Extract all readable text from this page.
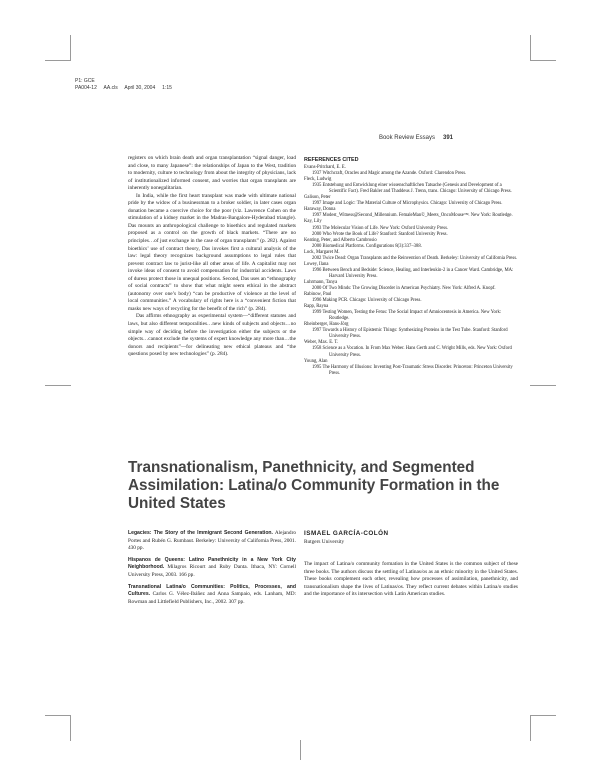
P1: GCE
PA004-12     AA.cls     April 30, 2004     1:15
Book Review Essays 391

registers on which brain death and organ transplantation “signal danger, load and close, to many Japanese”: the relationships of Japan to the West, tradition to modernity, culture to technology from about the integrity of physicians, lack of institutionalized informed consent, and worries that organ transplants are inherently nonegalitarian.

In India, while the first heart transplant was made with ultimate national pride by the widow of a businessman to a broker soldier, in later cases organ donation became a coercive choice for the poor (viz. Lawrence Cohen on the stimulation of a kidney market in the Madras-Bangalore-Hyderabad triangle). Das mounts an anthropological challenge to bioethics and regulated markets proposed as a control on the growth of black markets. “There are no principles…of just exchange in the case of organ transplants” (p. 282). Against bioethics’ use of contract theory, Das invokes first a cultural analysis of the law: legal theory recognizes background assumptions to legal rules that prevent contract law to jurist-like all other areas of life. A capitalist may not invoke ideas of consent to avoid compensation for industrial accidents. Laws of duress protect those in unequal positions. Second, Das uses an “ethnography of social contracts” to show that what might seem ethical in the abstract (autonomy over one’s body) “can be productive of violence at the level of local communities.” A vocabulary of rights here is a “convenient fiction that masks new ways of recycling for the benefit of the rich” (p. 284).

Das affirms ethnography as experimental system—“different statutes and laws, but also different temporalities…new kinds of subjects and objects…no simple way of deciding before the investigation either the subjects or the objects…cannot exclude the systems of expert knowledge any more than…the donors and recipients”—for delineating new ethical plateaus and “the questions posed by new technologies” (p. 284).

REFERENCES CITED
Evans-Pritchard, E. E.
1937 Witchcraft, Oracles and Magic among the Azande. Oxford: Clarendon Press.
Fleck, Ludwig
1935 Entstehung und Entwicklung einer wissenschaftlichen Tatsache (Genesis and Development of a Scientific Fact). Fred Bakler and Thaddeus J. Trenn, trans. Chicago: University of Chicago Press.
Galison, Peter
1997 Image and Logic: The Material Culture of Microphysics. Chicago: University of Chicago Press.
Haraway, Donna
1997 Modest_Witness@Second_Millennium. FemaleMan©_Meets_OncoMouse™. New York: Routledge.
Kay, Lily
1993 The Molecular Vision of Life. New York: Oxford University Press.
2000 Who Wrote the Book of Life? Stanford: Stanford University Press.
Keating, Peter, and Alberto Cambrosio
2000 Biomedical Platforms. Configurations 8(3):337–388.
Lock, Margaret M.
2002 Twice Dead: Organ Transplants and the Reinvention of Death. Berkeley: University of California Press.
Lowey, Ilana
1996 Between Bench and Bedside: Science, Healing, and Interleukin-2 in a Cancer Ward. Cambridge, MA: Harvard University Press.
Luhrmann, Tanya
2000 Of Two Minds: The Growing Disorder in American Psychiatry. New York: Alfred A. Knopf.
Rabinow, Paul
1996 Making PCR. Chicago: University of Chicago Press.
Rapp, Rayna
1999 Testing Women, Testing the Fetus: The Social Impact of Amniocentesis in America. New York: Routledge.
Rheinberger, Hans-Jörg
1997 Towards a History of Epistemic Things: Synthesizing Proteins in the Test Tube. Stanford: Stanford University Press.
Weber, Max. E. T.
1958 Science as a Vocation. In From Max Weber. Hans Gerth and C. Wright Mills, eds. New York: Oxford University Press.
Young, Alan
1995 The Harmony of Illusions: Inventing Post-Traumatic Stress Disorder. Princeton: Princeton University Press.
Transnationalism, Panethnicity, and Segmented Assimilation: Latina/o Community Formation in the United States

Legacies: The Story of the Immigrant Second Generation. Alejandro Portes and Rubén G. Rumbaut. Berkeley: University of California Press, 2001. 430 pp.

Hispanos de Queens: Latino Panethnicity in a New York City Neighborhood. Milagros Ricourt and Ruby Danta. Ithaca, NY: Cornell University Press, 2003. 166 pp.

Transnational Latina/o Communities: Politics, Processes, and Cultures. Carlos G. Vélez-Ibáñez and Anna Sampaio, eds. Lanham, MD: Rowman and Littlefield Publishers, Inc., 2002. 307 pp.

ISMAEL GARCÍA-COLÓN
Rutgers University

The impact of Latina/o community formation in the United States is the common subject of these three books. The authors discuss the settling of Latinas/os as an ethnic minority in the United States. These books complement each other, revealing how processes of assimilation, panethnicity, and transnationalism shape the lives of Latinas/os. They reflect current debates within Latina/o studies and the importance of its intersection with Latin American studies.
